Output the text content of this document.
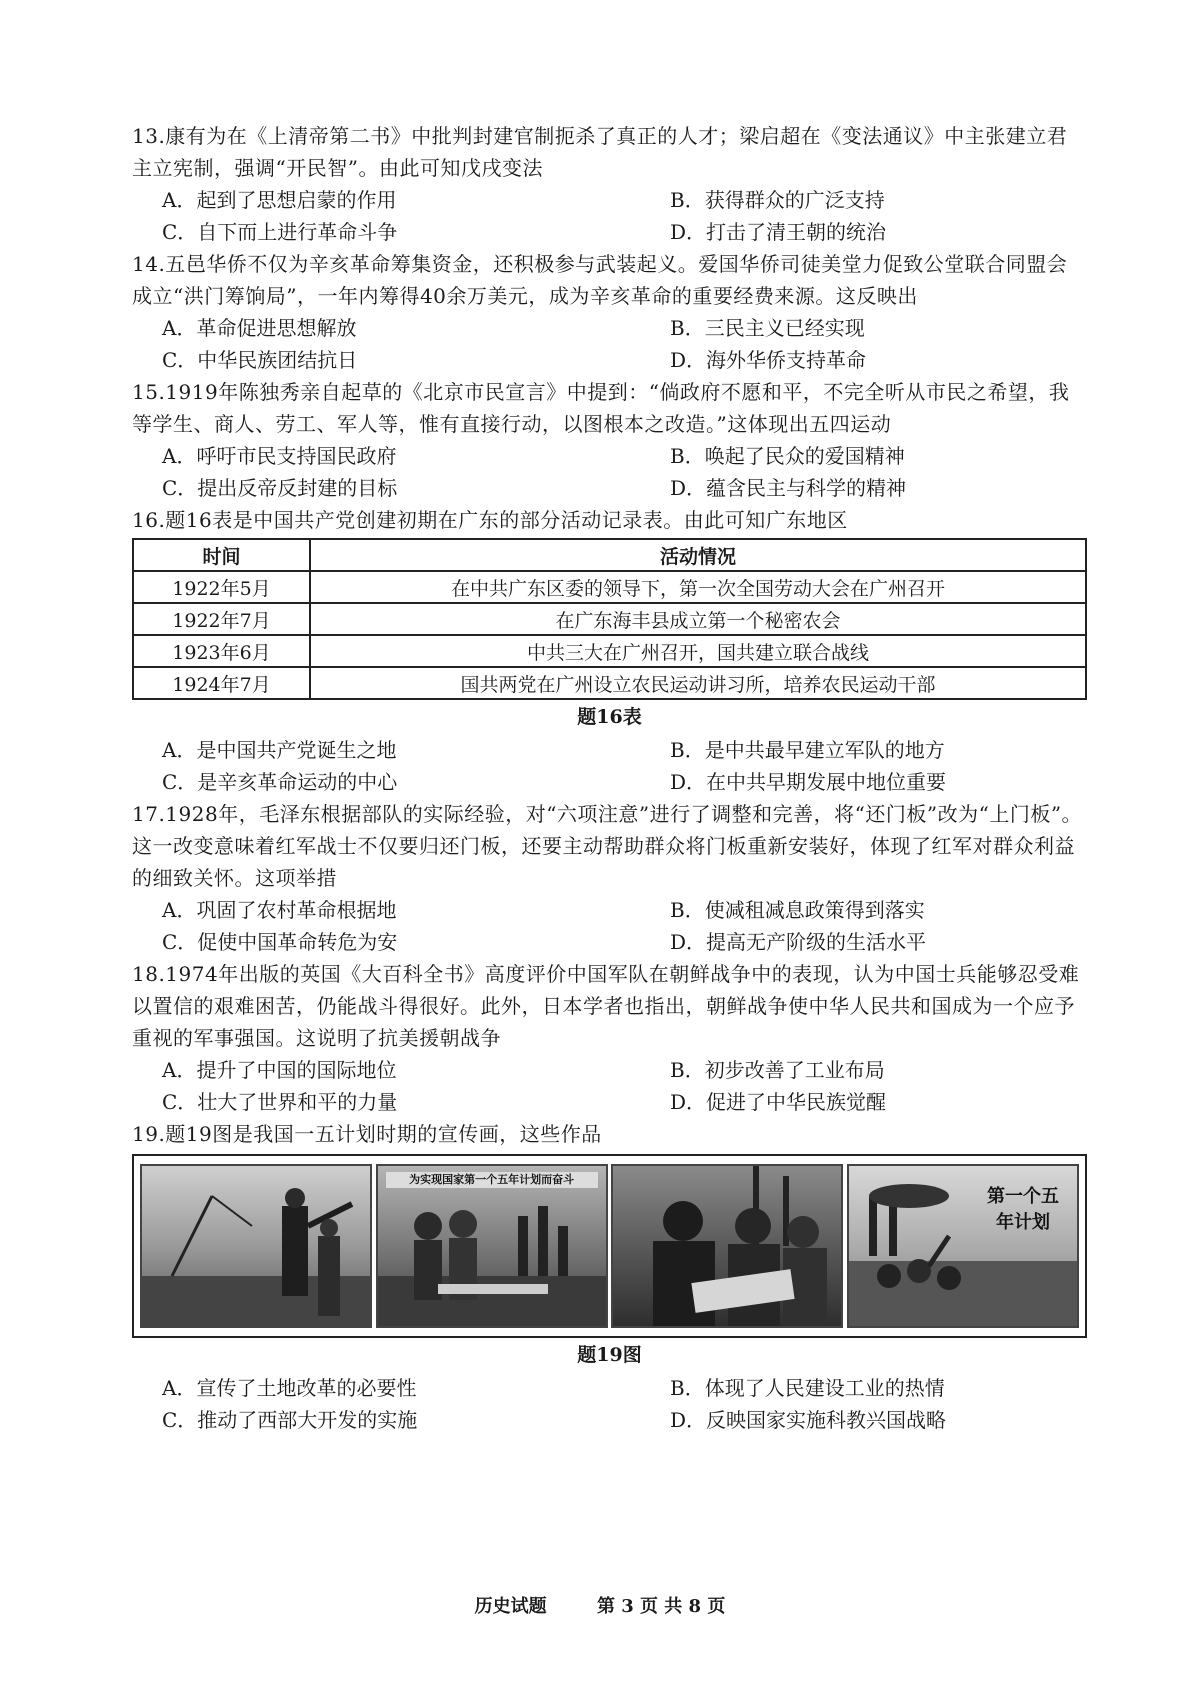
13.康有为在《上清帝第二书》中批判封建官制扼杀了真正的人才；梁启超在《变法通议》中主张建立君主立宪制，强调“开民智”。由此可知戊戌变法

A．起到了思想启蒙的作用	B．获得群众的广泛支持
C．自下而上进行革命斗争	D．打击了清王朝的统治

14.五邑华侨不仅为辛亥革命筹集资金，还积极参与武装起义。爱国华侨司徒美堂力促致公堂联合同盟会成立“洪门筹饷局”，一年内筹得40余万美元，成为辛亥革命的重要经费来源。这反映出

A．革命促进思想解放	B．三民主义已经实现
C．中华民族团结抗日	D．海外华侨支持革命

15.1919年陈独秀亲自起草的《北京市民宣言》中提到：“倘政府不愿和平，不完全听从市民之希望，我等学生、商人、劳工、军人等，惟有直接行动，以图根本之改造。”这体现出五四运动

A．呼吁市民支持国民政府	B．唤起了民众的爱国精神
C．提出反帝反封建的目标	D．蕴含民主与科学的精神

16.题16表是中国共产党创建初期在广东的部分活动记录表。由此可知广东地区

时间	活动情况
1922年5月	在中共广东区委的领导下，第一次全国劳动大会在广州召开
1922年7月	在广东海丰县成立第一个秘密农会
1923年6月	中共三大在广州召开，国共建立联合战线
1924年7月	国共两党在广州设立农民运动讲习所，培养农民运动干部

题16表

A．是中国共产党诞生之地	B．是中共最早建立军队的地方
C．是辛亥革命运动的中心	D．在中共早期发展中地位重要

17.1928年，毛泽东根据部队的实际经验，对“六项注意”进行了调整和完善，将“还门板”改为“上门板”。这一改变意味着红军战士不仅要归还门板，还要主动帮助群众将门板重新安装好，体现了红军对群众利益的细致关怀。这项举措

A．巩固了农村革命根据地	B．使减租减息政策得到落实
C．促使中国革命转危为安	D．提高无产阶级的生活水平

18.1974年出版的英国《大百科全书》高度评价中国军队在朝鲜战争中的表现，认为中国士兵能够忍受难以置信的艰难困苦，仍能战斗得很好。此外，日本学者也指出，朝鲜战争使中华人民共和国成为一个应予重视的军事强国。这说明了抗美援朝战争

A．提升了中国的国际地位	B．初步改善了工业布局
C．壮大了世界和平的力量	D．促进了中华民族觉醒

19.题19图是我国一五计划时期的宣传画，这些作品

为实现国家第一个五年计划而奋斗
第一个五年计划

题19图

A．宣传了土地改革的必要性	B．体现了人民建设工业的热情
C．推动了西部大开发的实施	D．反映国家实施科教兴国战略
历史试题	第 3 页 共 8 页
